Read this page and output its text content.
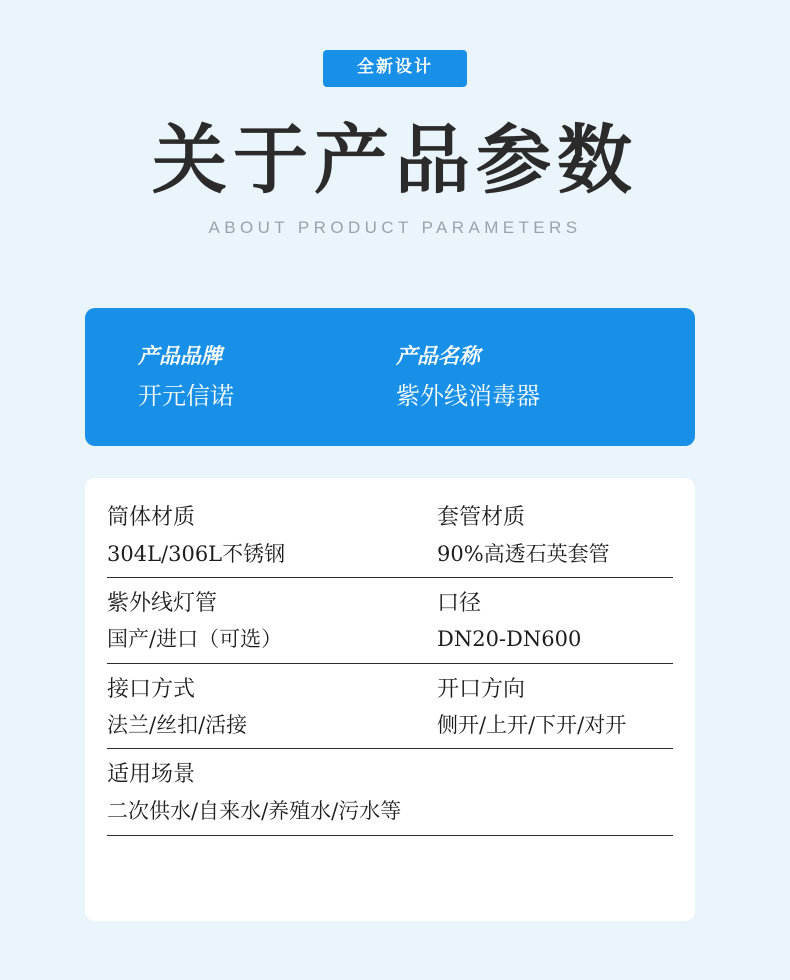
全新设计
关于产品参数
ABOUT PRODUCT PARAMETERS
产品品牌
开元信诺
产品名称
紫外线消毒器
筒体材质	套管材质
304L/306L不锈钢	90%高透石英套管
紫外线灯管	口径
国产/进口（可选）	DN20-DN600
接口方式	开口方向
法兰/丝扣/活接	侧开/上开/下开/对开
适用场景
二次供水/自来水/养殖水/污水等
